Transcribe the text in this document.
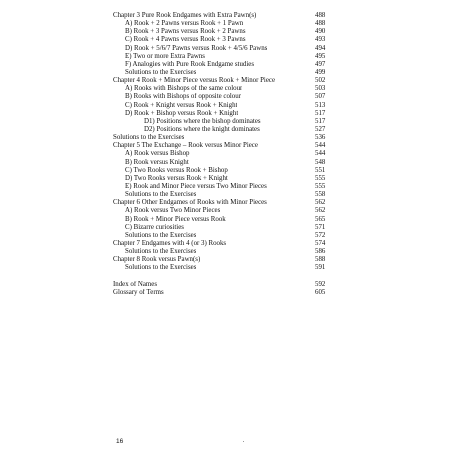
Chapter 3 Pure Rook Endgames with Extra Pawn(s)	488
A) Rook + 2 Pawns versus Rook + 1 Pawn	488
B) Rook + 3 Pawns versus Rook + 2 Pawns	490
C) Rook + 4 Pawns versus Rook + 3 Pawns	493
D) Rook + 5/6/7 Pawns versus Rook + 4/5/6 Pawns	494
E) Two or more Extra Pawns	495
F) Analogies with Pure Rook Endgame studies	497
Solutions to the Exercises	499
Chapter 4 Rook + Minor Piece versus Rook + Minor Piece	502
A) Rooks with Bishops of the same colour	503
B) Rooks with Bishops of opposite colour	507
C) Rook + Knight versus Rook + Knight	513
D) Rook + Bishop versus Rook + Knight	517
D1) Positions where the bishop dominates	517
D2) Positions where the knight dominates	527
Solutions to the Exercises	536
Chapter 5 The Exchange – Rook versus Minor Piece	544
A) Rook versus Bishop	544
B) Rook versus Knight	548
C) Two Rooks versus Rook + Bishop	551
D) Two Rooks versus Rook + Knight	555
E) Rook and Minor Piece versus Two Minor Pieces	555
Solutions to the Exercises	558
Chapter 6 Other Endgames of Rooks with Minor Pieces	562
A) Rook versus Two Minor Pieces	562
B) Rook + Minor Piece versus Rook	565
C) Bizarre curiosities	571
Solutions to the Exercises	572
Chapter 7 Endgames with 4 (or 3) Rooks	574
Solutions to the Exercises	586
Chapter 8 Rook versus Pawn(s)	588
Solutions to the Exercises	591
Index of Names	592
Glossary of Terms	605
16
